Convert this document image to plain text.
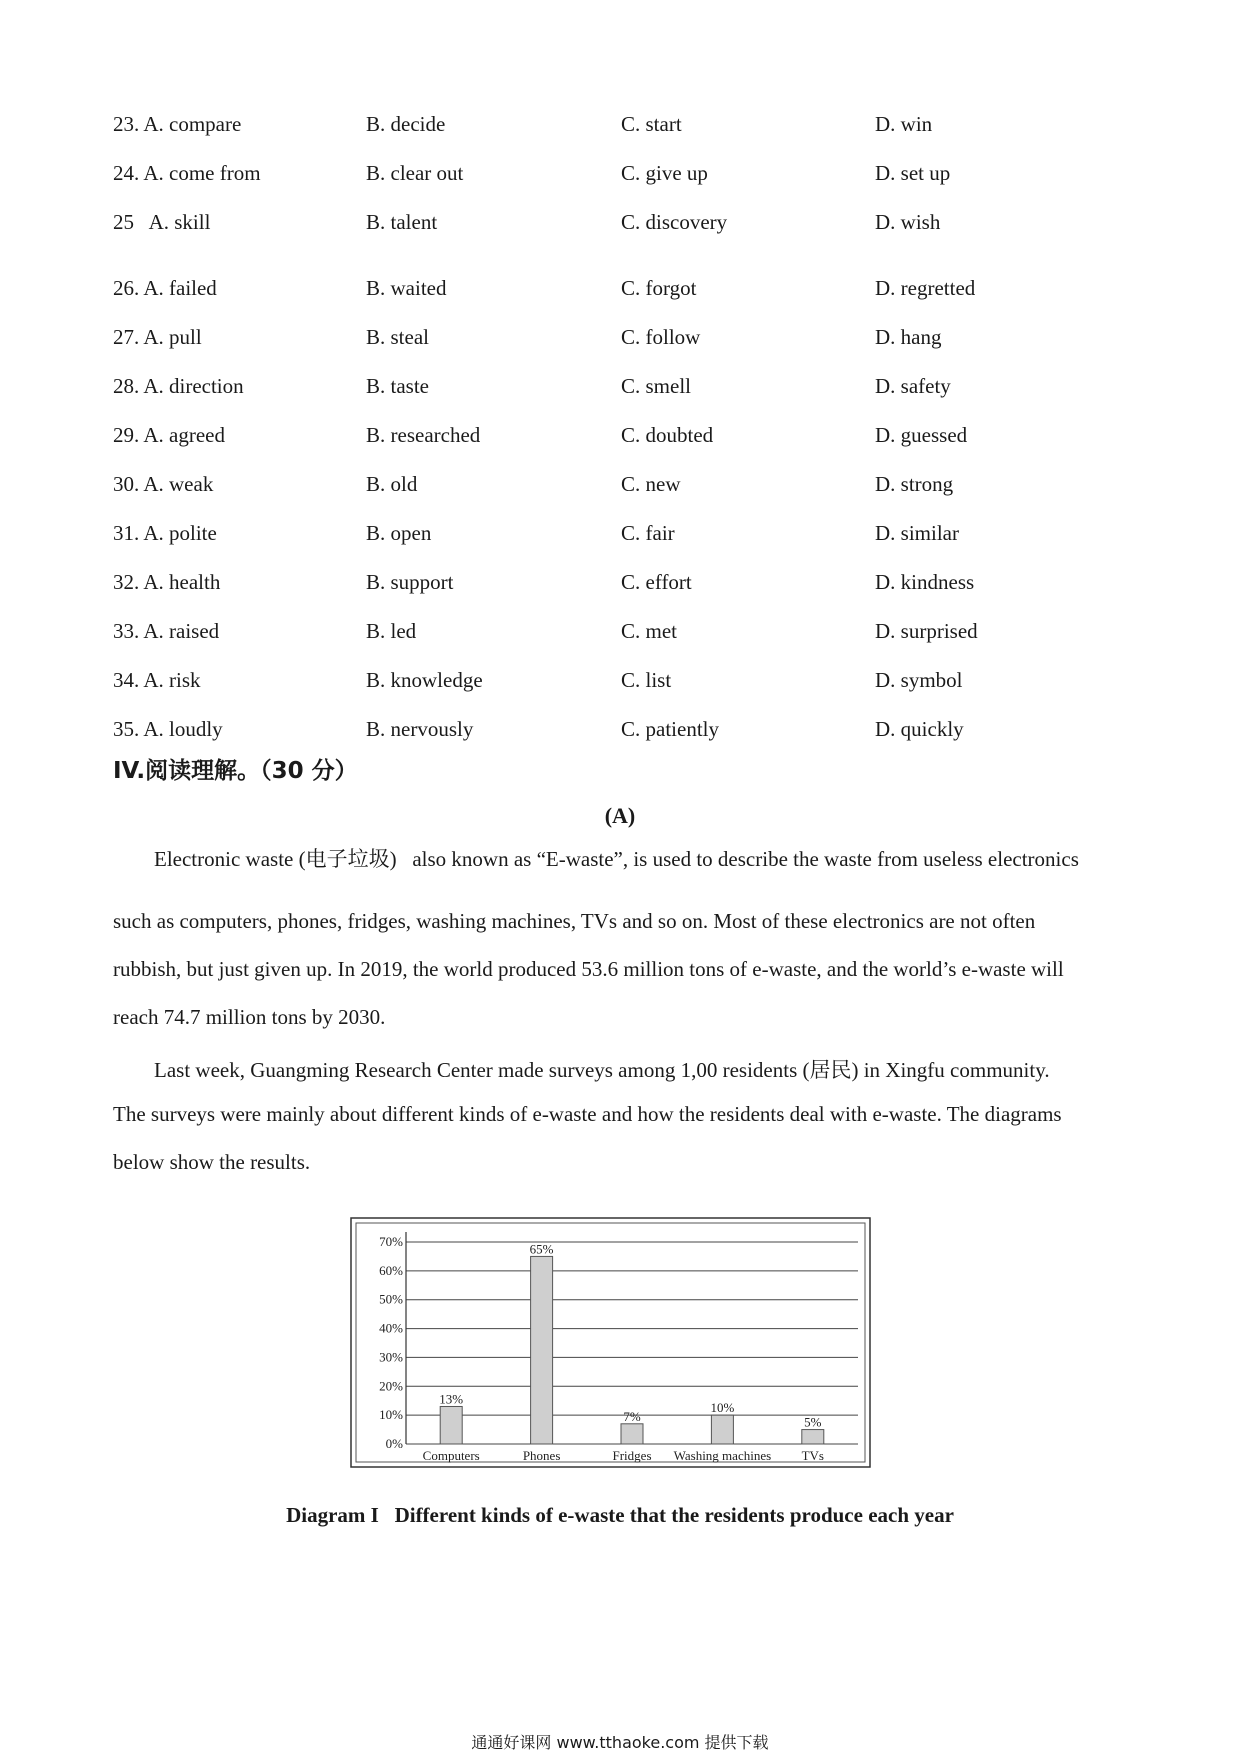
23. A. compare	B. decide	C. start	D. win
24. A. come from	B. clear out	C. give up	D. set up
25   A. skill	B. talent	C. discovery	D. wish
26. A. failed	B. waited	C. forgot	D. regretted
27. A. pull	B. steal	C. follow	D. hang
28. A. direction	B. taste	C. smell	D. safety
29. A. agreed	B. researched	C. doubted	D. guessed
30. A. weak	B. old	C. new	D. strong
31. A. polite	B. open	C. fair	D. similar
32. A. health	B. support	C. effort	D. kindness
33. A. raised	B. led	C. met	D. surprised
34. A. risk	B. knowledge	C. list	D. symbol
35. A. loudly	B. nervously	C. patiently	D. quickly
IV.阅读理解。（30 分）
(A)
Electronic waste (电子垃圾)   also known as “E-waste”, is used to describe the waste from useless electronics
such as computers, phones, fridges, washing machines, TVs and so on. Most of these electronics are not often
rubbish, but just given up. In 2019, the world produced 53.6 million tons of e-waste, and the world’s e-waste will
reach 74.7 million tons by 2030.
Last week, Guangming Research Center made surveys among 1,00 residents (居民) in Xingfu community.
The surveys were mainly about different kinds of e-waste and how the residents deal with e-waste. The diagrams
below show the results.
0%
10%
20%
30%
40%
50%
60%
70%
13%
Computers
65%
Phones
7%
Fridges
10%
Washing machines
5%
TVs
Diagram I   Different kinds of e-waste that the residents produce each year
通通好课网 www.tthaoke.com 提供下载
